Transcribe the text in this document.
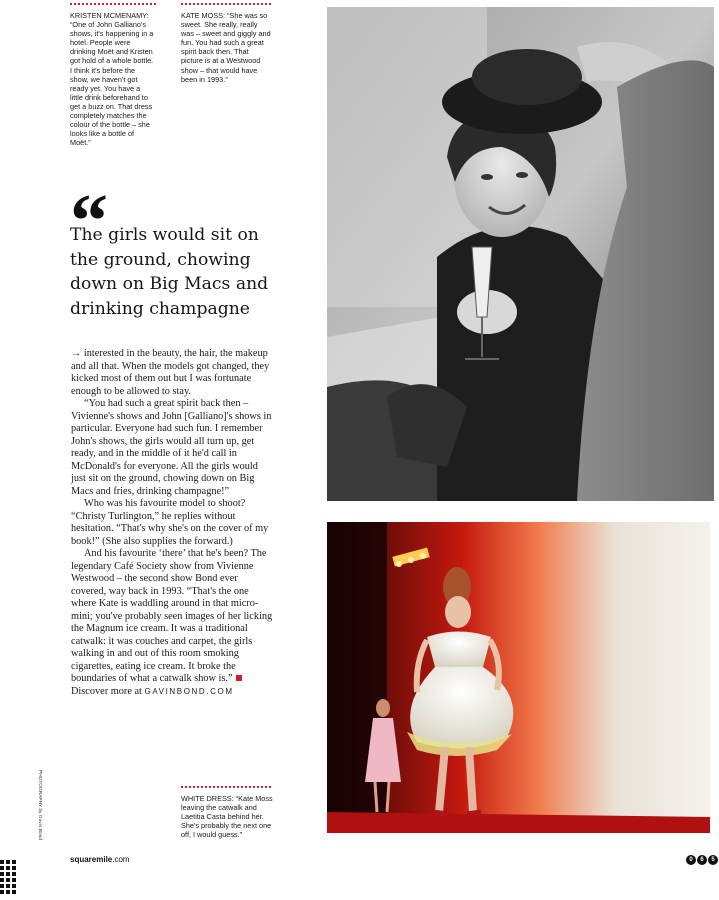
KRISTEN MCMENAMY: “One of John Galliano's shows, it's happening in a hotel. People were drinking Moët and Kristen got hold of a whole bottle. I think it's before the show, we haven't got ready yet. You have a little drink beforehand to get a buzz on. That dress completely matches the colour of the bottle – she looks like a bottle of Moët.”
KATE MOSS: “She was so sweet. She really, really was – sweet and giggly and fun. You had such a great spirit back then. That picture is at a Westwood show – that would have been in 1993.”
“

The girls would sit on the ground, chowing down on Big Macs and drinking champagne

→ interested in the beauty, the hair, the makeup and all that. When the models got changed, they kicked most of them out but I was fortunate enough to be allowed to stay.

“You had such a great spirit back then – Vivienne's shows and John [Galliano]'s shows in particular. Everyone had such fun. I remember John's shows, the girls would all turn up, get ready, and in the middle of it he'd call in McDonald's for everyone. All the girls would just sit on the ground, chowing down on Big Macs and fries, drinking champagne!”

Who was his favourite model to shoot? “Christy Turlington,” he replies without hesitation. “That's why she's on the cover of my book!” (She also supplies the forward.)

And his favourite ‘there’ that he's been? The legendary Café Society show from Vivienne Westwood – the second show Bond ever covered, way back in 1993. “That's the one where Kate is waddling around in that micro-mini; you've probably seen images of her licking the Magnum ice cream. It was a traditional catwalk: it was couches and carpet, the girls walking in and out of this room smoking cigarettes, eating ice cream. It broke the boundaries of what a catwalk show is.”

Discover more at GAVINBOND.COM

WHITE DRESS: “Kate Moss leaving the catwalk and Laetitia Casta behind her. She's probably the next one off, I would guess.”
PHOTOGRAPHY by Gavin Bond
squaremile.com	0	6	5
